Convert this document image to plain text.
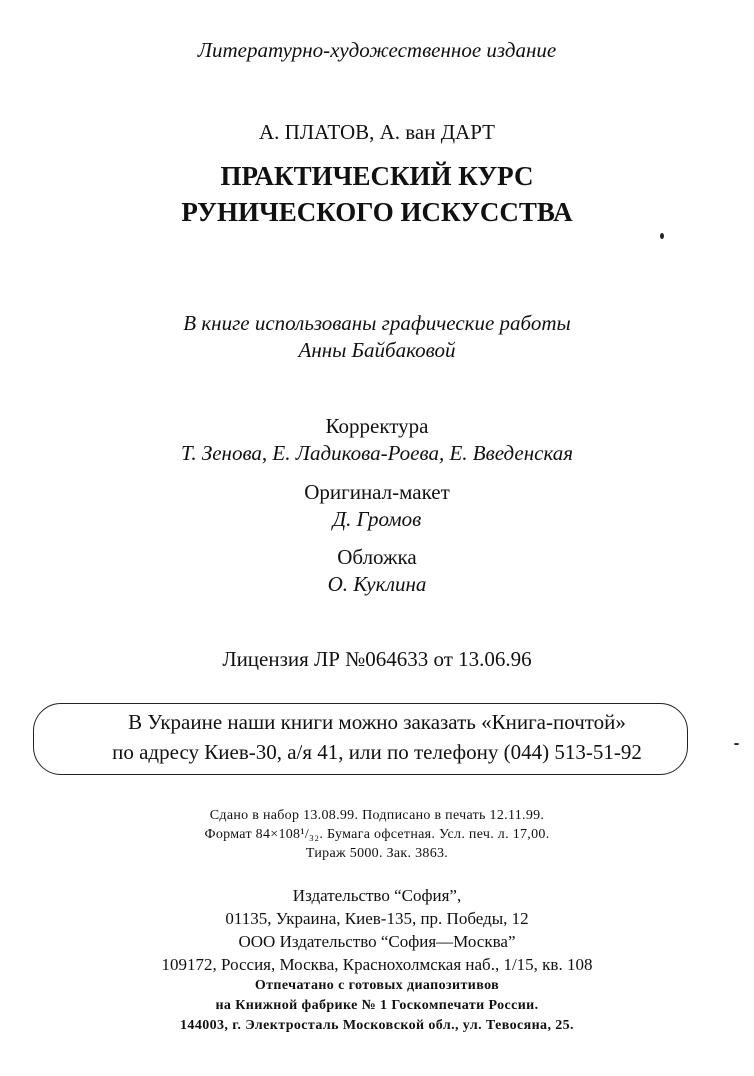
Литературно-художественное издание
А. ПЛАТОВ, А. ван ДАРТ
ПРАКТИЧЕСКИЙ КУРС
РУНИЧЕСКОГО ИСКУССТВА
В книге использованы графические работы
Анны Байбаковой
Корректура
Т. Зенова, Е. Ладикова-Роева, Е. Введенская
Оригинал-макет
Д. Громов
Обложка
О. Куклина
Лицензия ЛР №064633 от 13.06.96
В Украине наши книги можно заказать «Книга-почтой»
по адресу Киев-30, а/я 41, или по телефону (044) 513-51-92
Сдано в набор 13.08.99. Подписано в печать 12.11.99.
Формат 84×108¹/₃₂. Бумага офсетная. Усл. печ. л. 17,00.
Тираж 5000. Зак. 3863.
Издательство “София”,
01135, Украина, Киев-135, пр. Победы, 12
ООО Издательство “София—Москва”
109172, Россия, Москва, Краснохолмская наб., 1/15, кв. 108
Отпечатано с готовых диапозитивов
на Книжной фабрике № 1 Госкомпечати России.
144003, г. Электросталь Московской обл., ул. Тевосяна, 25.
